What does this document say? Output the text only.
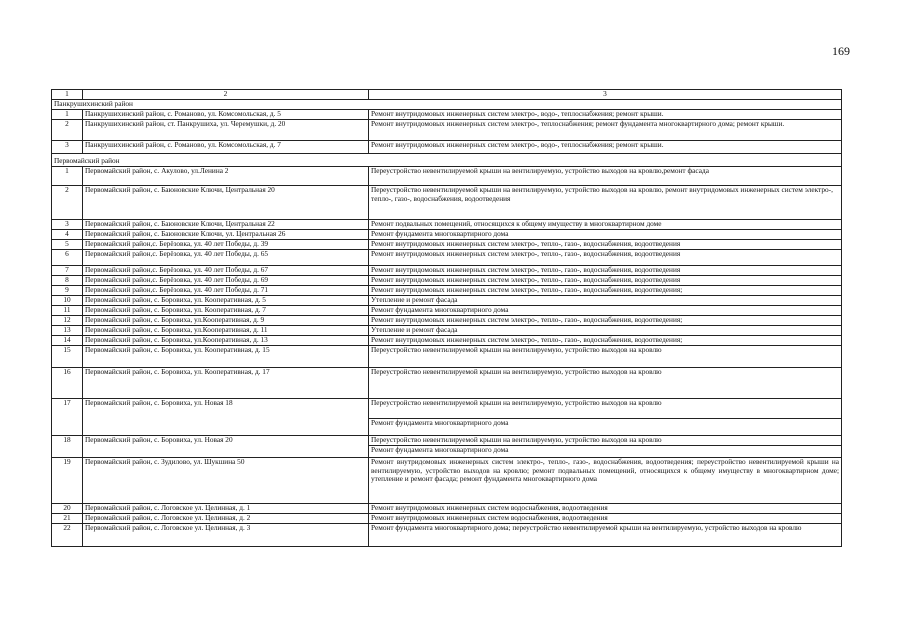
169
1	2	3
Панкрушихинский район		
1	Панкрушихинский район, с. Романово, ул. Комсомольская, д. 5	Ремонт внутридомовых инженерных систем электро-, водо-, теплоснабжения; ремонт крыши.

2	Панкрушихинский район, ст. Панкрушиха, ул. Черемушки, д. 20	Ремонт внутридомовых инженерных систем электро-, теплоснабжения; ремонт фундамента многоквартирного дома; ремонт крыши.

3	Панкрушихинский район, с. Романово, ул. Комсомольская, д. 7	Ремонт внутридомовых инженерных систем электро-, водо-, теплоснабжения; ремонт крыши.

Первомайский район		
1	Первомайский район, с. Акулово, ул.Ленина 2	Переустройство невентилируемой крыши на вентилируемую, устройство выходов на кровлю,ремонт фасада

2	Первомайский район, с. Баюновские Ключи, Центральная 20	Переустройство невентилируемой крыши на вентилируемую, устройство выходов на кровлю, ремонт внутридомовых инженерных систем электро-, тепло-, газо-, водоснабжения, водоотведения

3	Первомайский район, с. Баюновские Ключи, Центральная 22	Ремонт подвальных помещений, относящихся к общему имуществу в многоквартирном доме

4	Первомайский район, с. Баюновские Ключи, ул. Центральная 26	Ремонт фундамента многоквартирного дома

5	Первомайский район,с. Берёзовка, ул. 40 лет Победы, д. 39	Ремонт внутридомовых инженерных систем электро-, тепло-, газо-, водоснабжения, водоотведения

6	Первомайский район,с. Берёзовка, ул. 40 лет Победы, д. 65	Ремонт внутридомовых инженерных систем электро-, тепло-, газо-, водоснабжения, водоотведения

7	Первомайский район,с. Берёзовка, ул. 40 лет Победы, д. 67	Ремонт внутридомовых инженерных систем электро-, тепло-, газо-, водоснабжения, водоотведения

8	Первомайский район,с. Берёзовка, ул. 40 лет Победы, д. 69	Ремонт внутридомовых инженерных систем электро-, тепло-, газо-, водоснабжения, водоотведения

9	Первомайский район,с. Берёзовка, ул. 40 лет Победы, д. 71	Ремонт внутридомовых инженерных систем электро-, тепло-, газо-, водоснабжения, водоотведения;

10	Первомайский район, с. Боровиха, ул. Кооперативная, д. 5	Утепление и ремонт фасада

11	Первомайский район, с. Боровиха, ул. Кооперативная, д. 7	Ремонт фундамента многоквартирного дома

12	Первомайский район, с. Боровиха, ул.Кооперативная, д. 9	Ремонт внутридомовых инженерных систем электро-, тепло-, газо-, водоснабжения, водоотведения;

13	Первомайский район, с. Боровиха, ул.Кооперативная, д. 11	Утепление и ремонт фасада

14	Первомайский район, с. Боровиха, ул.Кооперативная, д. 13	Ремонт внутридомовых инженерных систем электро-, тепло-, газо-, водоснабжения, водоотведения;

15	Первомайский район, с. Боровиха, ул. Кооперативная, д. 15	Переустройство невентилируемой крыши на вентилируемую, устройство выходов на кровлю

16	Первомайский район, с. Боровиха, ул. Кооперативная, д. 17	Переустройство невентилируемой крыши на вентилируемую, устройство выходов на кровлю

17	Первомайский район, с. Боровиха, ул. Новая 18	Переустройство невентилируемой крыши на вентилируемую, устройство выходов на кровлю
Ремонт фундамента многоквартирного дома

18	Первомайский район, с. Боровиха, ул. Новая 20	Переустройство невентилируемой крыши на вентилируемую, устройство выходов на кровлю
Ремонт фундамента многоквартирного дома

19	Первомайский район, с. Зудилово, ул. Шукшина 50	Ремонт внутридомовых инженерных систем электро-, тепло-, газо-, водоснабжения, водоотведения; переустройство невентилируемой крыши на вентилируемую, устройство выходов на кровлю; ремонт подвальных помещений, относящихся к общему имуществу в многоквартирном доме; утепление и ремонт фасада; ремонт фундамента многоквартирного дома

20	Первомайский район, с. Логовское ул. Целинная, д. 1	Ремонт внутридомовых инженерных систем водоснабжения, водоотведения

21	Первомайский район, с. Логовское ул. Целинная, д. 2	Ремонт внутридомовых инженерных систем водоснабжения, водоотведения

22	Первомайский район, с. Логовское ул. Целинная, д. 3	Ремонт фундамента многоквартирного дома; переустройство невентилируемой крыши на вентилируемую, устройство выходов на кровлю
